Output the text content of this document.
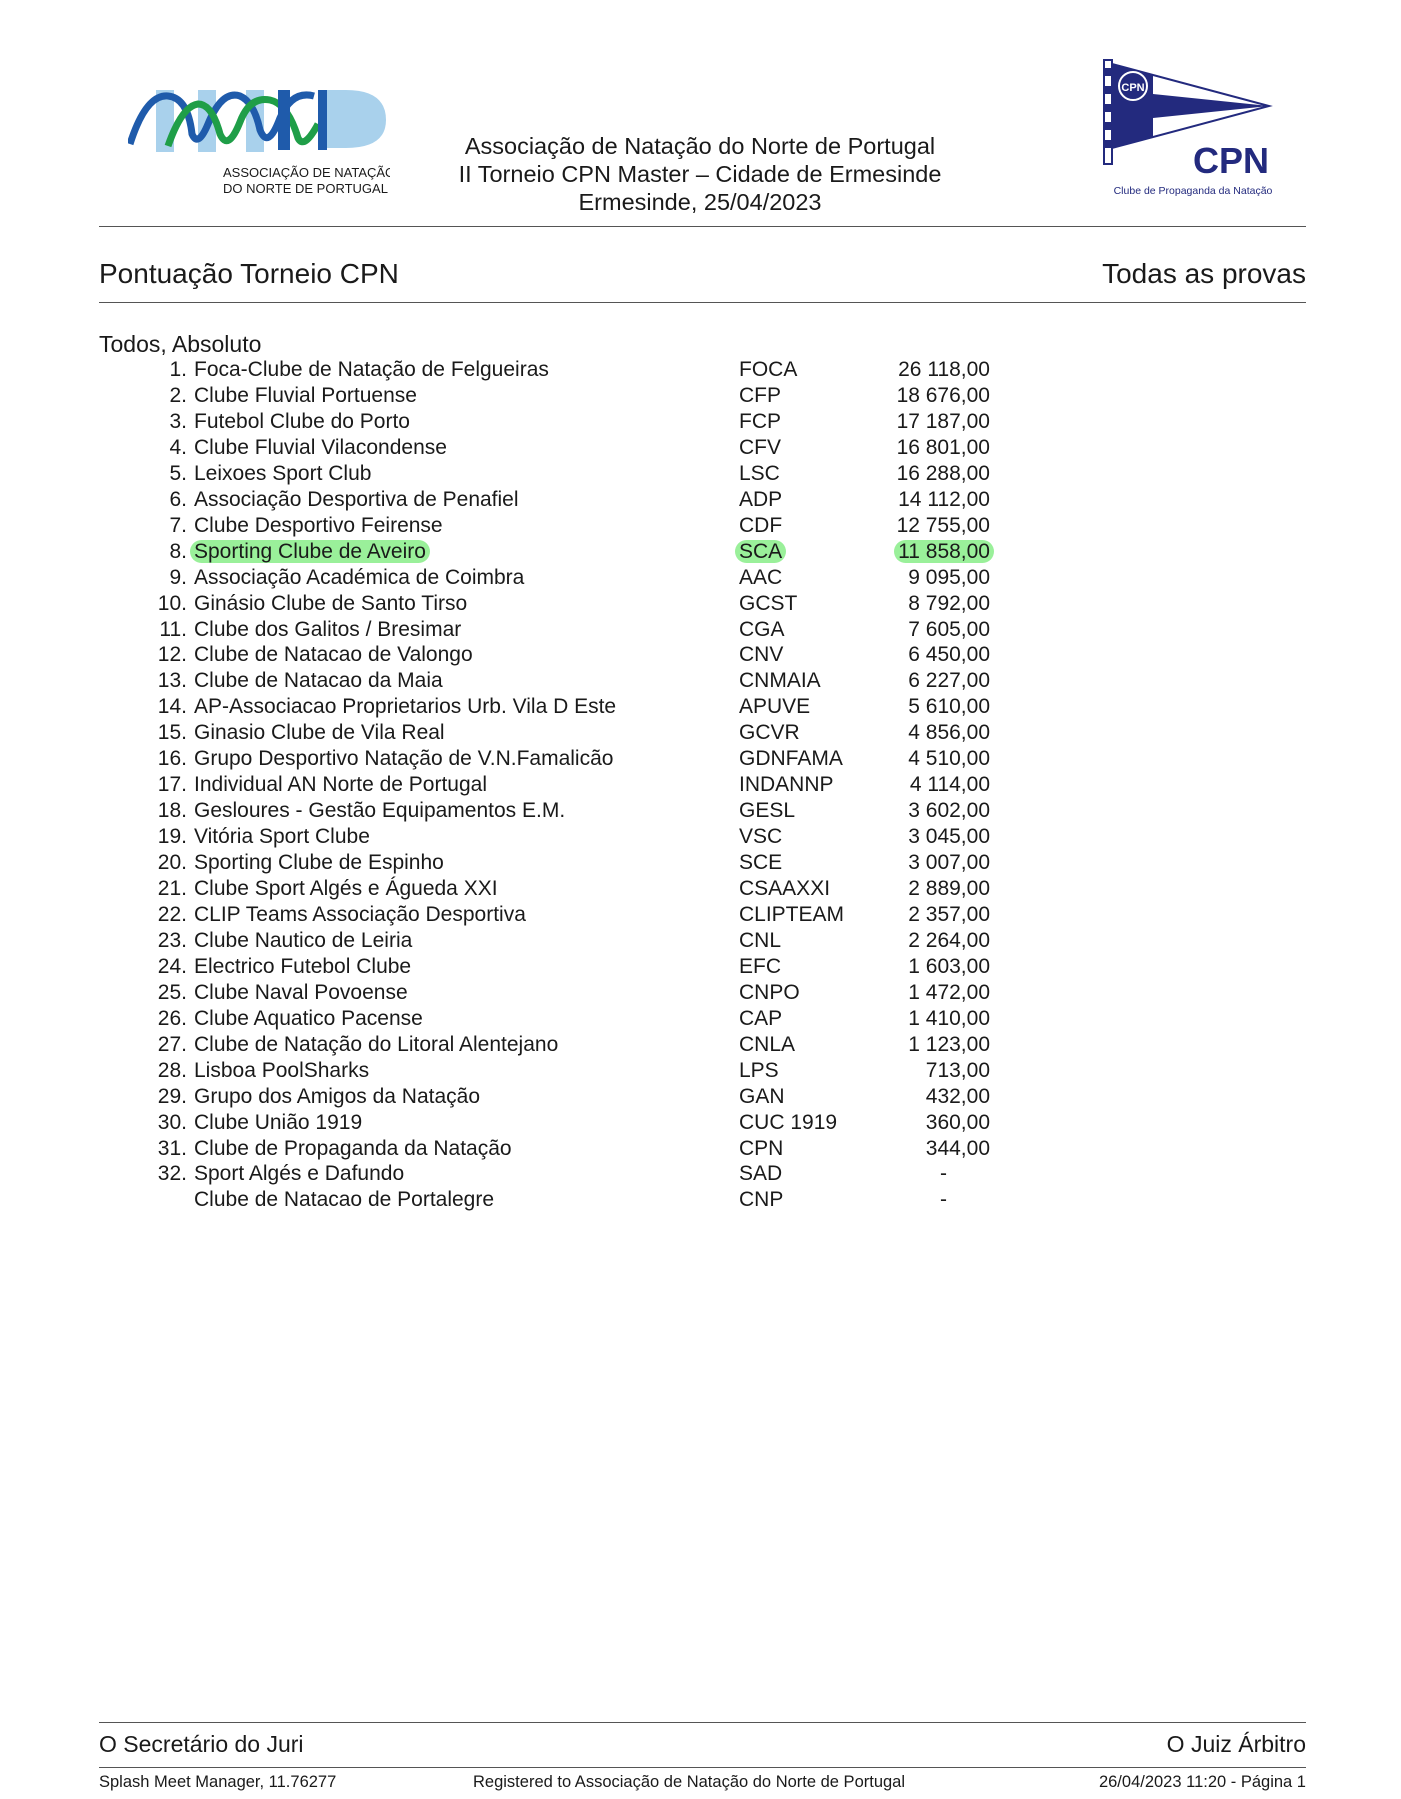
ASSOCIAÇÃO DE NATAÇÃO
DO NORTE DE PORTUGAL
Associação de Natação do Norte de Portugal
II Torneio CPN Master – Cidade de Ermesinde
Ermesinde, 25/04/2023
CPN
CPN
Clube de Propaganda da Natação
Pontuação Torneio CPN	Todas as provas
Todos, Absoluto
1. Foca-Clube de Natação de Felgueiras	FOCA	26 118,00
2. Clube Fluvial Portuense	CFP	18 676,00
3. Futebol Clube do Porto	FCP	17 187,00
4. Clube Fluvial Vilacondense	CFV	16 801,00
5. Leixoes Sport Club	LSC	16 288,00
6. Associação Desportiva de Penafiel	ADP	14 112,00
7. Clube Desportivo Feirense	CDF	12 755,00
8. Sporting Clube de Aveiro	SCA	11 858,00
9. Associação Académica de Coimbra	AAC	9 095,00
10. Ginásio Clube de Santo Tirso	GCST	8 792,00
11. Clube dos Galitos / Bresimar	CGA	7 605,00
12. Clube de Natacao de Valongo	CNV	6 450,00
13. Clube de Natacao da Maia	CNMAIA	6 227,00
14. AP-Associacao Proprietarios Urb. Vila D Este	APUVE	5 610,00
15. Ginasio Clube de Vila Real	GCVR	4 856,00
16. Grupo Desportivo Natação de V.N.Famalicão	GDNFAMA	4 510,00
17. Individual AN Norte de Portugal	INDANNP	4 114,00
18. Gesloures - Gestão Equipamentos E.M.	GESL	3 602,00
19. Vitória Sport Clube	VSC	3 045,00
20. Sporting Clube de Espinho	SCE	3 007,00
21. Clube Sport Algés e Águeda XXI	CSAAXXI	2 889,00
22. CLIP Teams Associação Desportiva	CLIPTEAM	2 357,00
23. Clube Nautico de Leiria	CNL	2 264,00
24. Electrico Futebol Clube	EFC	1 603,00
25. Clube Naval Povoense	CNPO	1 472,00
26. Clube Aquatico Pacense	CAP	1 410,00
27. Clube de Natação do Litoral Alentejano	CNLA	1 123,00
28. Lisboa PoolSharks	LPS	713,00
29. Grupo dos Amigos da Natação	GAN	432,00
30. Clube União 1919	CUC 1919	360,00
31. Clube de Propaganda da Natação	CPN	344,00
32. Sport Algés e Dafundo	SAD	-
Clube de Natacao de Portalegre	CNP	-
O Secretário do Juri	O Juiz Árbitro
Splash Meet Manager, 11.76277	Registered to Associação de Natação do Norte de Portugal	26/04/2023 11:20 - Página 1
